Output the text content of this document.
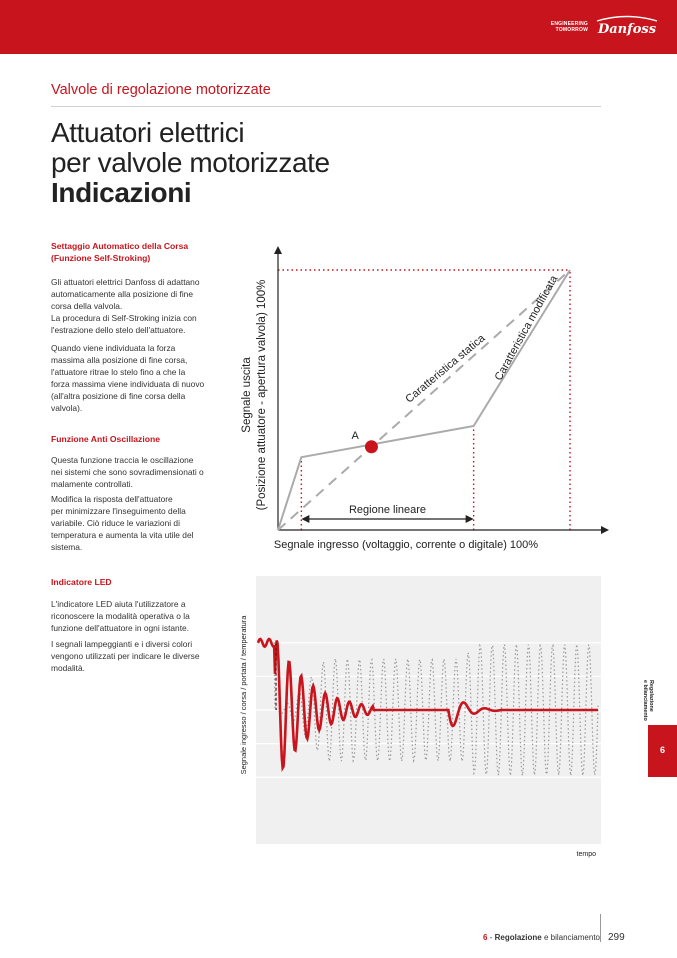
ENGINEERING
TOMORROW Danfoss
Valvole di regolazione motorizzate
Attuatori elettrici
per valvole motorizzate
Indicazioni
Settaggio Automatico della Corsa
(Funzione Self-Stroking)
Gli attuatori elettrici Danfoss di adattano
automaticamente alla posizione di fine
corsa della valvola.
La procedura di Self-Stroking inizia con
l'estrazione dello stelo dell'attuatore.
Quando viene individuata la forza
massima alla posizione di fine corsa,
l'attuatore ritrae lo stelo fino a che la
forza massima viene individuata di nuovo
(all'altra posizione di fine corsa della
valvola).
Funzione Anti Oscillazione
Questa funzione traccia le oscillazione
nei sistemi che sono sovradimensionati o
malamente controllati.
Modifica la risposta dell'attuatore
per minimizzare l'inseguimento della
variabile. Ciò riduce le variazioni di
temperatura e aumenta la vita utile del
sistema.
Indicatore LED
L'indicatore LED aiuta l'utilizzatore a
riconoscere la modalità operativa o la
funzione dell'attuatore in ogni istante.
I segnali lampeggianti e i diversi colori
vengono utilizzati per indicare le diverse
modalità.
A
Regione lineare
Caratteristica statica Caratteristica modificata
Segnale ingresso (voltaggio, corrente o digitale) 100%
Segnale uscita (Posizione attuatore - apertura valvola) 100%
Segnale ingresso / corsa / portata / temperatura
tempo
6
Regolazione
e bilanciamento
6 - Regolazione e bilanciamento 299
